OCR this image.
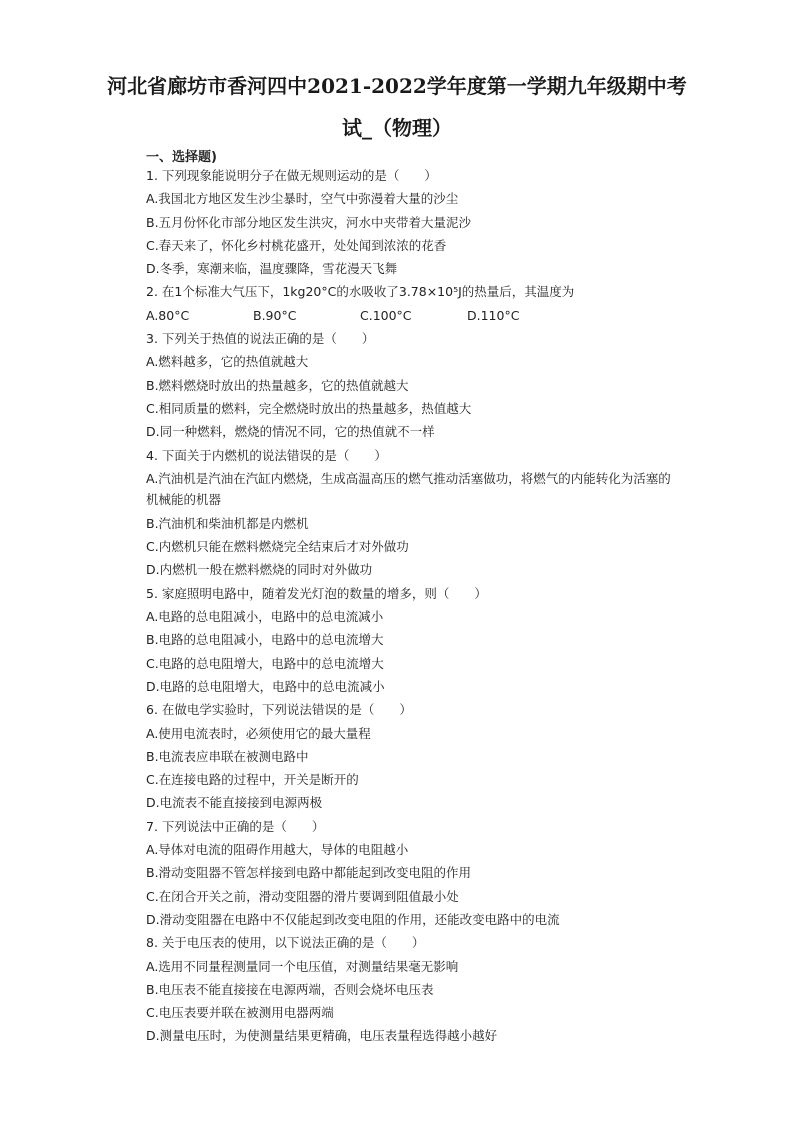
河北省廊坊市香河四中2021-2022学年度第一学期九年级期中考
试_（物理）
一、选择题)
1. 下列现象能说明分子在做无规则运动的是（　　）
A.我国北方地区发生沙尘暴时，空气中弥漫着大量的沙尘
B.五月份怀化市部分地区发生洪灾，河水中夹带着大量泥沙
C.春天来了，怀化乡村桃花盛开，处处闻到浓浓的花香
D.冬季，寒潮来临，温度骤降，雪花漫天飞舞
2. 在1个标准大气压下，1kg20°C的水吸收了3.78×10⁵J的热量后，其温度为
A.80°C	B.90°C	C.100°C	D.110°C
3. 下列关于热值的说法正确的是（　　）
A.燃料越多，它的热值就越大
B.燃料燃烧时放出的热量越多，它的热值就越大
C.相同质量的燃料，完全燃烧时放出的热量越多，热值越大
D.同一种燃料，燃烧的情况不同，它的热值就不一样
4. 下面关于内燃机的说法错误的是（　　）
A.汽油机是汽油在汽缸内燃烧，生成高温高压的燃气推动活塞做功，将燃气的内能转化为活塞的机械能的机器
B.汽油机和柴油机都是内燃机
C.内燃机只能在燃料燃烧完全结束后才对外做功
D.内燃机一般在燃料燃烧的同时对外做功
5. 家庭照明电路中，随着发光灯泡的数量的增多，则（　　）
A.电路的总电阻减小，电路中的总电流减小
B.电路的总电阻减小，电路中的总电流增大
C.电路的总电阻增大，电路中的总电流增大
D.电路的总电阻增大，电路中的总电流减小
6. 在做电学实验时，下列说法错误的是（　　）
A.使用电流表时，必须使用它的最大量程
B.电流表应串联在被测电路中
C.在连接电路的过程中，开关是断开的
D.电流表不能直接接到电源两极
7. 下列说法中正确的是（　　）
A.导体对电流的阻碍作用越大，导体的电阻越小
B.滑动变阻器不管怎样接到电路中都能起到改变电阻的作用
C.在闭合开关之前，滑动变阻器的滑片要调到阻值最小处
D.滑动变阻器在电路中不仅能起到改变电阻的作用，还能改变电路中的电流
8. 关于电压表的使用，以下说法正确的是（　　）
A.选用不同量程测量同一个电压值，对测量结果毫无影响
B.电压表不能直接接在电源两端，否则会烧坏电压表
C.电压表要并联在被测用电器两端
D.测量电压时，为使测量结果更精确，电压表量程选得越小越好
